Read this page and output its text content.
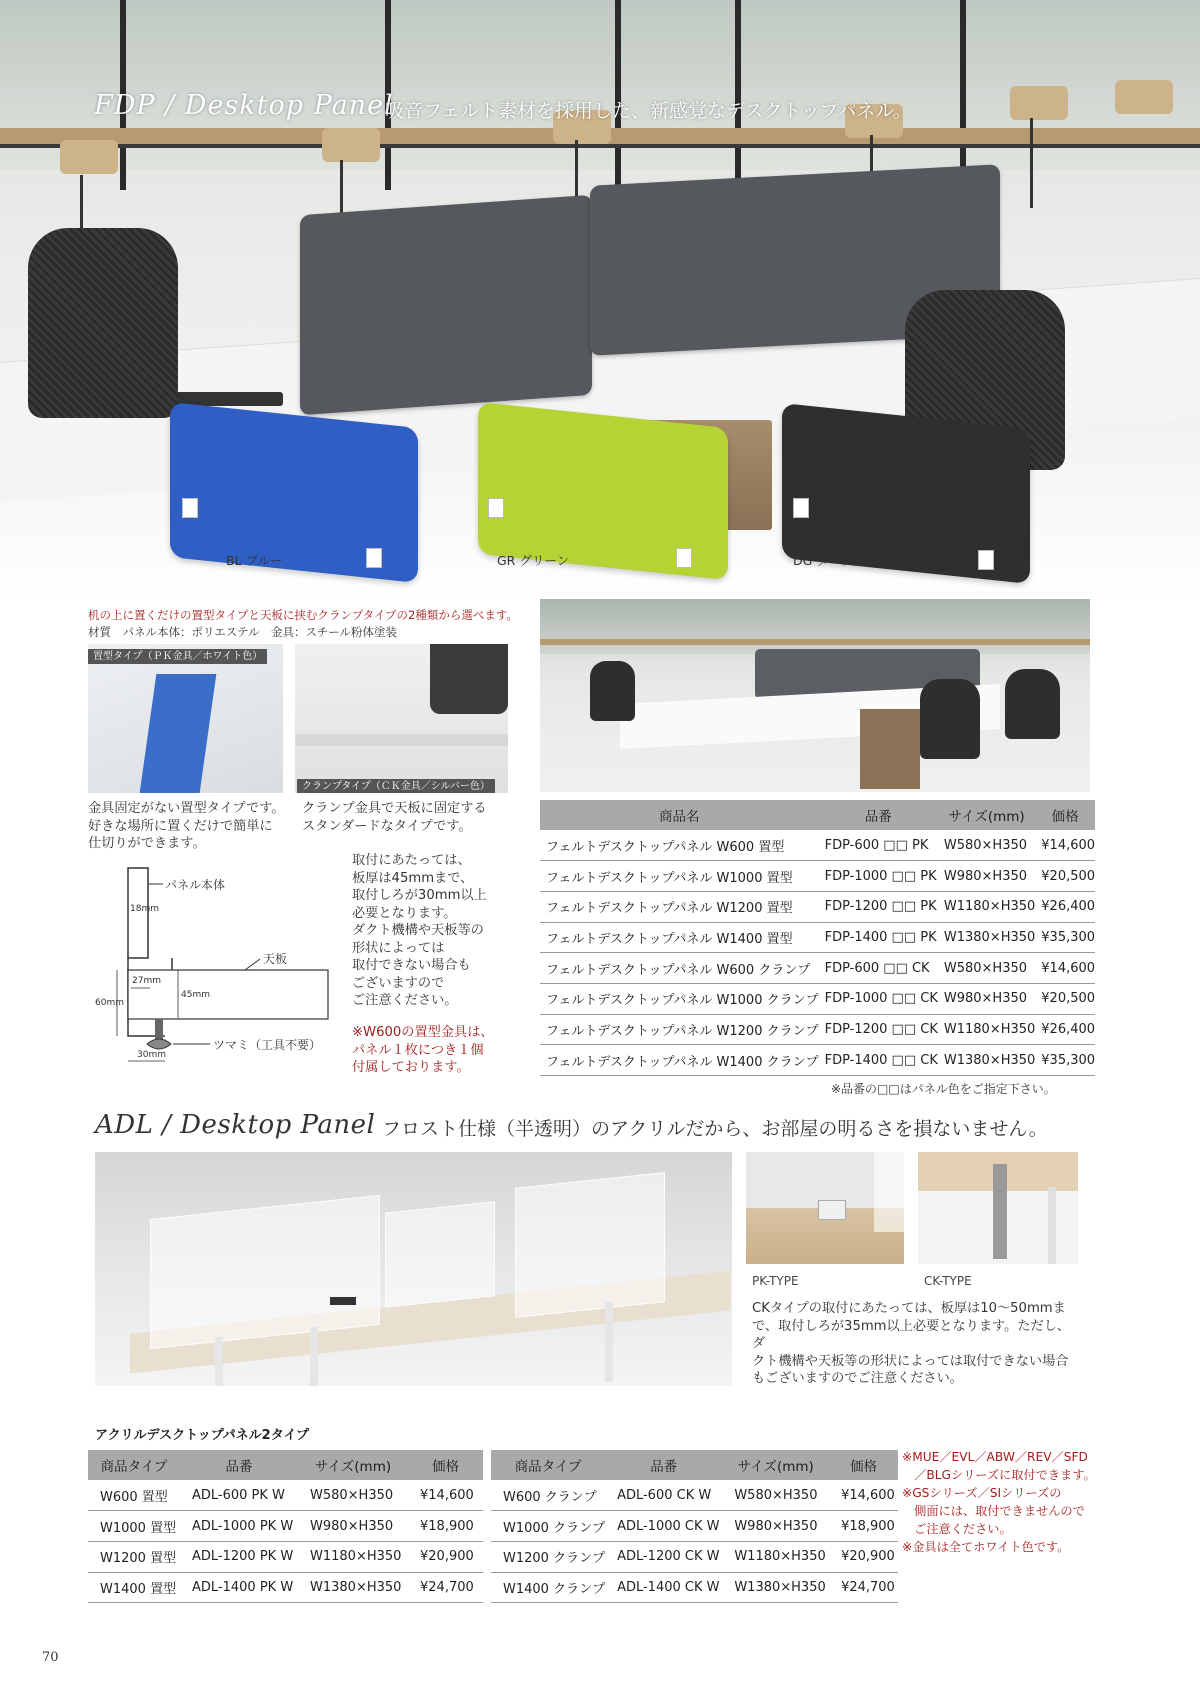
FDP / Desktop Panel
吸音フェルト素材を採用した、新感覚なデスクトップパネル。
BL ブルー	GR グリーン	DG ダークグレー
机の上に置くだけの置型タイプと天板に挟むクランプタイプの2種類から選べます。
材質　パネル本体：ポリエステル　金具：スチール粉体塗装
置型タイプ（ＰＫ金具／ホワイト色）
クランプタイプ（ＣＫ金具／シルバー色）
金具固定がない置型タイプです。
好きな場所に置くだけで簡単に
仕切りができます。
クランプ金具で天板に固定する
スタンダードなタイプです。
パネル本体
天板
ツマミ（工具不要）
18mm
27mm
45mm
60mm
30mm
取付にあたっては、
板厚は45mmまで、
取付しろが30mm以上
必要となります。
ダクト機構や天板等の
形状によっては
取付できない場合も
ございますので
ご注意ください。
※W600の置型金具は、
パネル１枚につき１個
付属しております。
商品名	品番	サイズ(mm)	価格
フェルトデスクトップパネル W600 置型	FDP-600 □□ PK	W580×H350	¥14,600
フェルトデスクトップパネル W1000 置型	FDP-1000 □□ PK	W980×H350	¥20,500
フェルトデスクトップパネル W1200 置型	FDP-1200 □□ PK	W1180×H350	¥26,400
フェルトデスクトップパネル W1400 置型	FDP-1400 □□ PK	W1380×H350	¥35,300
フェルトデスクトップパネル W600 クランプ	FDP-600 □□ CK	W580×H350	¥14,600
フェルトデスクトップパネル W1000 クランプ	FDP-1000 □□ CK	W980×H350	¥20,500
フェルトデスクトップパネル W1200 クランプ	FDP-1200 □□ CK	W1180×H350	¥26,400
フェルトデスクトップパネル W1400 クランプ	FDP-1400 □□ CK	W1380×H350	¥35,300
※品番の□□はパネル色をご指定下さい。
ADL / Desktop Panel フロスト仕様（半透明）のアクリルだから、お部屋の明るさを損ないません。
PK-TYPE	CK-TYPE
CKタイプの取付にあたっては、板厚は10〜50mmま
で、取付しろが35mm以上必要となります。ただし、ダ
クト機構や天板等の形状によっては取付できない場合
もございますのでご注意ください。
アクリルデスクトップパネル2タイプ
商品タイプ	品番	サイズ(mm)	価格
W600 置型	ADL-600 PK W	W580×H350	¥14,600
W1000 置型	ADL-1000 PK W	W980×H350	¥18,900
W1200 置型	ADL-1200 PK W	W1180×H350	¥20,900
W1400 置型	ADL-1400 PK W	W1380×H350	¥24,700
商品タイプ	品番	サイズ(mm)	価格
W600 クランプ	ADL-600 CK W	W580×H350	¥14,600
W1000 クランプ	ADL-1000 CK W	W980×H350	¥18,900
W1200 クランプ	ADL-1200 CK W	W1180×H350	¥20,900
W1400 クランプ	ADL-1400 CK W	W1380×H350	¥24,700
※MUE／EVL／ABW／REV／SFD
　／BLGシリーズに取付できます。
※GSシリーズ／SIシリーズの
　側面には、取付できませんので
　ご注意ください。
※金具は全てホワイト色です。
70
